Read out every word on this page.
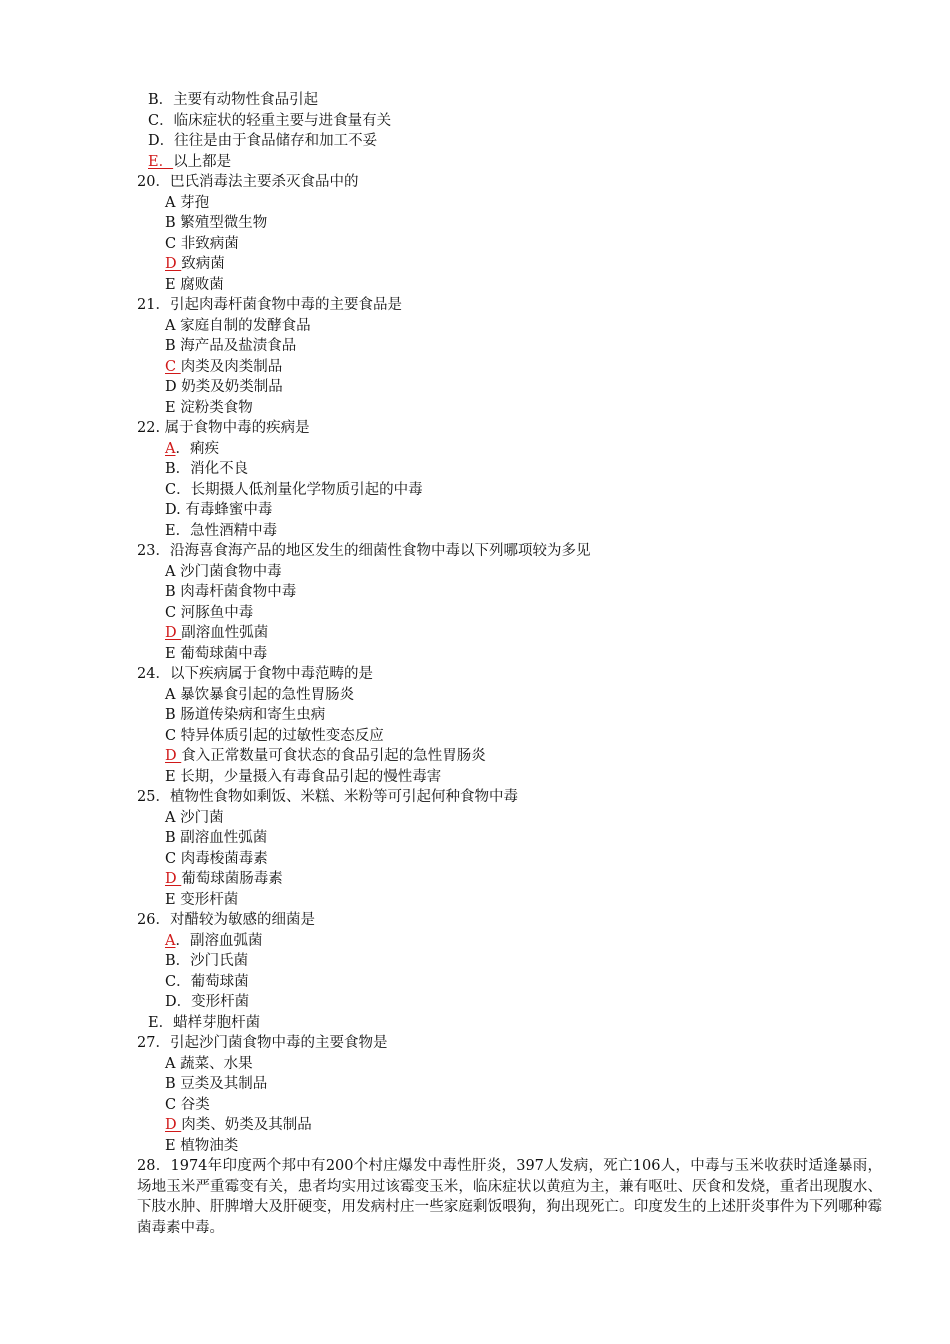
B．主要有动物性食品引起
C．临床症状的轻重主要与进食量有关
D．往往是由于食品储存和加工不妥
E．以上都是
20．巴氏消毒法主要杀灭食品中的
A 芽孢
B 繁殖型微生物
C 非致病菌
D 致病菌
E 腐败菌
21．引起肉毒杆菌食物中毒的主要食品是
A 家庭自制的发酵食品
B 海产品及盐渍食品
C 肉类及肉类制品
D 奶类及奶类制品
E 淀粉类食物
22. 属于食物中毒的疾病是
A．痢疾
B．消化不良
C．长期摄人低剂量化学物质引起的中毒
D. 有毒蜂蜜中毒
E．急性酒精中毒
23．沿海喜食海产品的地区发生的细菌性食物中毒以下列哪项较为多见
A 沙门菌食物中毒
B 肉毒杆菌食物中毒
C 河豚鱼中毒
D 副溶血性弧菌
E 葡萄球菌中毒
24．以下疾病属于食物中毒范畴的是
A 暴饮暴食引起的急性胃肠炎
B 肠道传染病和寄生虫病
C 特异体质引起的过敏性变态反应
D 食入正常数量可食状态的食品引起的急性胃肠炎
E 长期，少量摄入有毒食品引起的慢性毒害
25．植物性食物如剩饭、米糕、米粉等可引起何种食物中毒
A 沙门菌
B 副溶血性弧菌
C 肉毒梭菌毒素
D 葡萄球菌肠毒素
E 变形杆菌
26．对醋较为敏感的细菌是
A．副溶血弧菌
B．沙门氏菌
C．葡萄球菌
D．变形杆菌
E．蜡样芽胞杆菌
27．引起沙门菌食物中毒的主要食物是
A 蔬菜、水果
B 豆类及其制品
C 谷类
D 肉类、奶类及其制品
E 植物油类
28．1974年印度两个邦中有200个村庄爆发中毒性肝炎，397人发病，死亡106人，中毒与玉米收获时适逢暴雨，场地玉米严重霉变有关，患者均实用过该霉变玉米，临床症状以黄疸为主，兼有呕吐、厌食和发烧，重者出现腹水、下肢水肿、肝脾增大及肝硬变，用发病村庄一些家庭剩饭喂狗，狗出现死亡。印度发生的上述肝炎事件为下列哪种霉菌毒素中毒。
